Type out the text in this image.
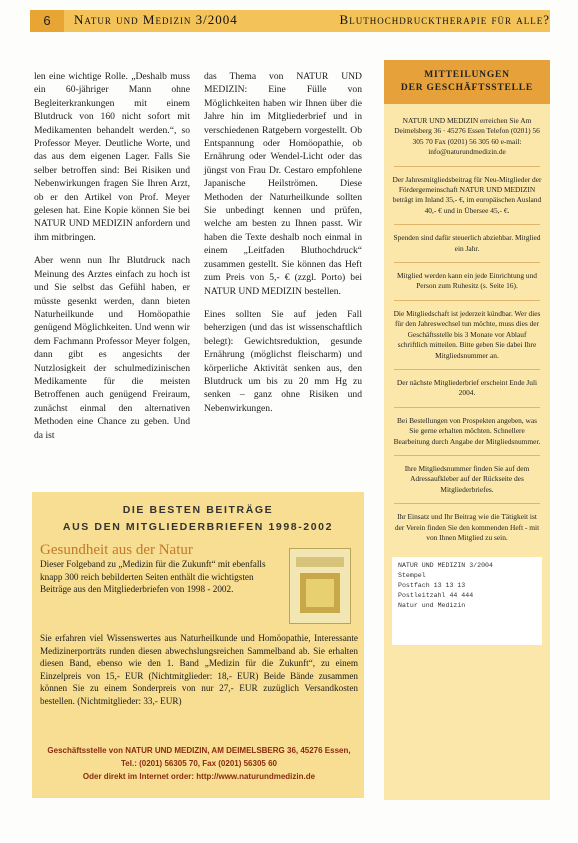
6	Natur und Medizin 3/2004	Bluthochdrucktherapie für alle?

len eine wichtige Rolle. „Deshalb muss ein 60-jähriger Mann ohne Begleiterkrankungen mit einem Blutdruck von 160 nicht sofort mit Medikamenten behandelt werden.“, so Professor Meyer. Deutliche Worte, und das aus dem eigenen Lager. Falls Sie selber betroffen sind: Bei Risiken und Nebenwirkungen fragen Sie Ihren Arzt, ob er den Artikel von Prof. Meyer gelesen hat. Eine Kopie können Sie bei NATUR UND MEDIZIN anfordern und ihm mitbringen.

Aber wenn nun Ihr Blutdruck nach Meinung des Arztes einfach zu hoch ist und Sie selbst das Gefühl haben, er müsste gesenkt werden, dann bieten Naturheilkunde und Homöopathie genügend Möglichkeiten. Und wenn wir dem Fachmann Professor Meyer folgen, dann gibt es angesichts der Nutzlosigkeit der schulmedizinischen Medikamente für die meisten Betroffenen auch genügend Freiraum, zunächst einmal den alternativen Methoden eine Chance zu geben. Und da ist

das Thema von NATUR UND MEDIZIN: Eine Fülle von Möglichkeiten haben wir Ihnen über die Jahre hin im Mitgliederbrief und in verschiedenen Ratgebern vorgestellt. Ob Entspannung oder Homöopathie, ob Ernährung oder Wendel-Licht oder das jüngst von Frau Dr. Cestaro empfohlene Japanische Heilströmen. Diese Methoden der Naturheilkunde sollten Sie unbedingt kennen und prüfen, welche am besten zu Ihnen passt. Wir haben die Texte deshalb noch einmal in einem „Leitfaden Bluthochdruck“ zusammen gestellt. Sie können das Heft zum Preis von 5,- € (zzgl. Porto) bei NATUR UND MEDIZIN bestellen.

Eines sollten Sie auf jeden Fall beherzigen (und das ist wissenschaftlich belegt): Gewichtsreduktion, gesunde Ernährung (möglichst fleischarm) und körperliche Aktivität senken aus, den Blutdruck um bis zu 20 mm Hg zu senken – ganz ohne Risiken und Nebenwirkungen.

DIE BESTEN BEITRÄGE
AUS DEN MITGLIEDERBRIEFEN 1998-2002
Gesundheit aus der Natur
Dieser Folgeband zu „Medizin für die Zukunft“ mit ebenfalls knapp 300 reich bebilderten Seiten enthält die wichtigsten Beiträge aus den Mitgliederbriefen von 1998 - 2002.
Sie erfahren viel Wissenswertes aus Naturheilkunde und Homöopathie, Interessante Medizinerporträts runden diesen abwechslungsreichen Sammelband ab. Sie erhalten diesen Band, ebenso wie den 1. Band „Medizin für die Zukunft“, zu einem Einzelpreis von 15,- EUR (Nichtmitglieder: 18,- EUR) Beide Bände zusammen können Sie zu einem Sonderpreis von nur 27,- EUR zuzüglich Versandkosten bestellen. (Nichtmitglieder: 33,- EUR)
Geschäftsstelle von NATUR UND MEDIZIN, AM DEIMELSBERG 36, 45276 Essen,
Tel.: (0201) 56305 70, Fax (0201) 56305 60
Oder direkt im Internet order: http://www.naturundmedizin.de
MITTEILUNGEN
DER GESCHÄFTSSTELLE
NATUR UND MEDIZIN erreichen Sie Am Deimelsberg 36 · 45276 Essen Telefon (0201) 56 305 70 Fax (0201) 56 305 60 e-mail: info@naturundmedizin.de
Der Jahresmitgliedsbeitrag für Neu-Mitglieder der Fördergemeinschaft NATUR UND MEDIZIN beträgt im Inland 35,- €, im europäischen Ausland 40,- € und in Übersee 45,- €.
Spenden sind dafür steuerlich abziehbar. Mitglied ein Jahr.
Mitglied werden kann ein jede Einrichtung und Person zum Ruhesitz (s. Seite 16).
Die Mitgliedschaft ist jederzeit kündbar. Wer dies für den Jahreswechsel tun möchte, muss dies der Geschäftsstelle bis 3 Monate vor Ablauf schriftlich mitteilen. Bitte geben Sie dabei Ihre Mitgliedsnummer an.
Der nächste Mitgliederbrief erscheint Ende Juli 2004.
Bei Bestellungen von Prospekten angeben, was Sie gerne erhalten möchten. Schnellere Bearbeitung durch Angabe der Mitgliedsnummer.
Ihre Mitgliedsnummer finden Sie auf dem Adressaufkleber auf der Rückseite des Mitgliederbriefes.
Ihr Einsatz und Ihr Beitrag wie die Tätigkeit ist der Verein finden Sie den kommenden Heft - mit von Ihnen Mitglied zu sein.
NATUR UND MEDIZIN 3/2004
Stempel
Postfach 13 13 13
Postleitzahl 44 444
Natur und Medizin
